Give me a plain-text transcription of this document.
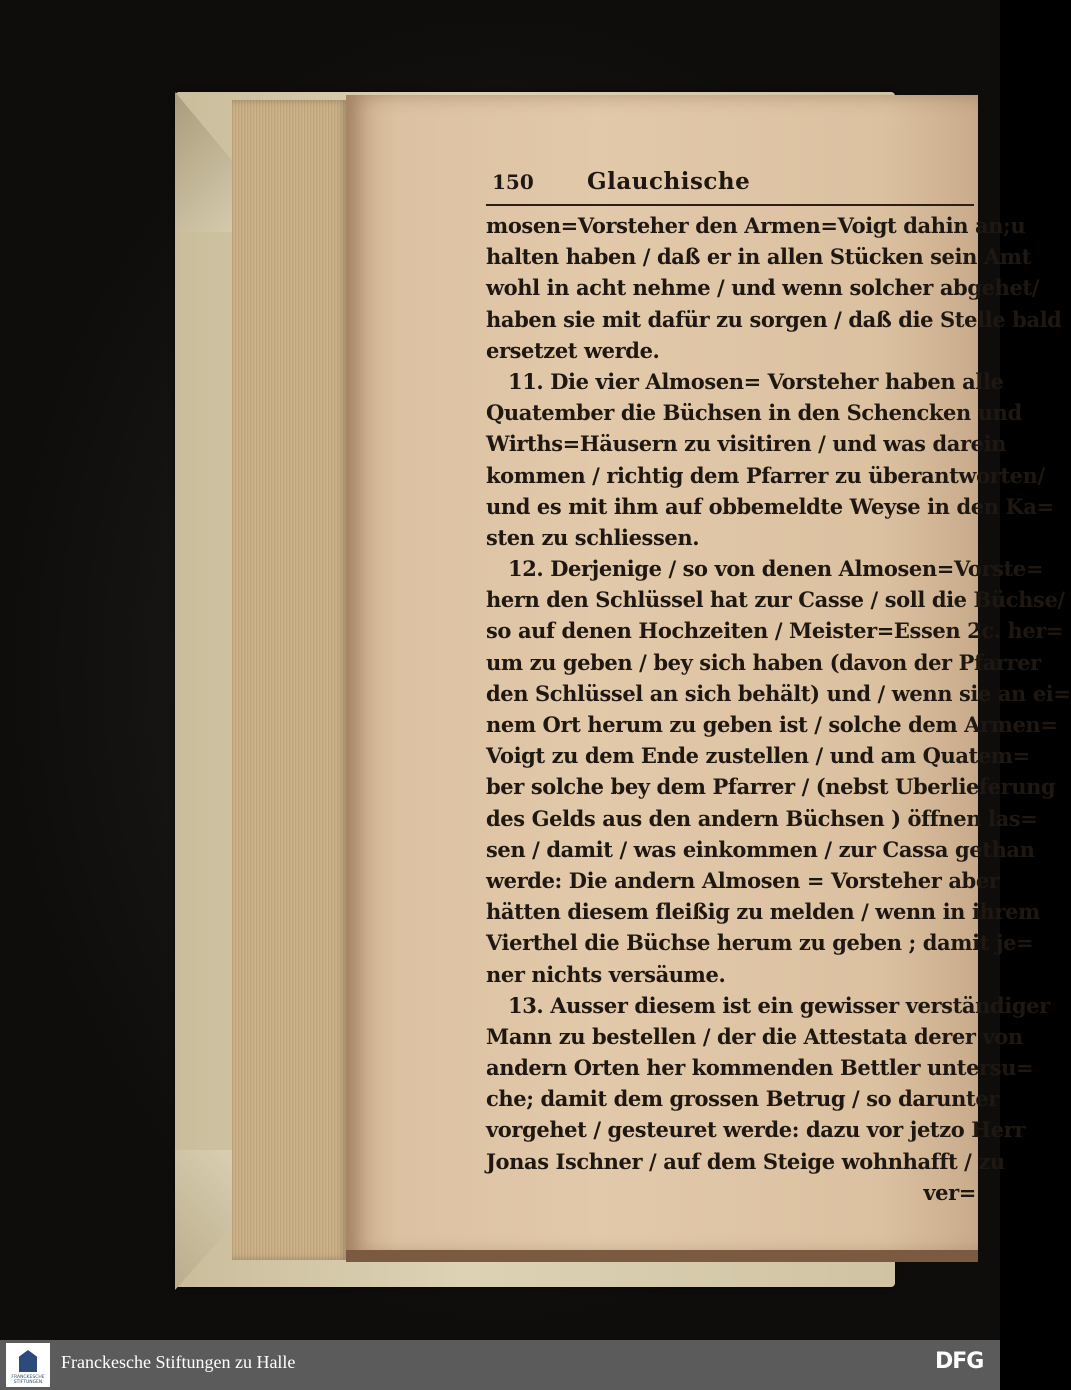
150	Glauchische
mosen=Vorsteher den Armen=Voigt dahin an;u
halten haben / daß er in allen Stücken sein Amt
wohl in acht nehme / und wenn solcher abgehet/
haben sie mit dafür zu sorgen / daß die Stelle bald
ersetzet werde.
11. Die vier Almosen= Vorsteher haben alle
Quatember die Büchsen in den Schencken und
Wirths=Häusern zu visitiren / und was darein
kommen / richtig dem Pfarrer zu überantworten/
und es mit ihm auf obbemeldte Weyse in den Ka=
sten zu schliessen.
12. Derjenige / so von denen Almosen=Vorste=
hern den Schlüssel hat zur Casse / soll die Büchse/
so auf denen Hochzeiten / Meister=Essen 2c. her=
um zu geben / bey sich haben (davon der Pfarrer
den Schlüssel an sich behält) und / wenn sie an ei=
nem Ort herum zu geben ist / solche dem Armen=
Voigt zu dem Ende zustellen / und am Quatem=
ber solche bey dem Pfarrer / (nebst Uberlieferung
des Gelds aus den andern Büchsen ) öffnen las=
sen / damit / was einkommen / zur Cassa gethan
werde: Die andern Almosen = Vorsteher aber
hätten diesem fleißig zu melden / wenn in ihrem
Vierthel die Büchse herum zu geben ; damit je=
ner nichts versäume.
13. Ausser diesem ist ein gewisser verständiger
Mann zu bestellen / der die Attestata derer von
andern Orten her kommenden Bettler untersu=
che; damit dem grossen Betrug / so darunter
vorgehet / gesteuret werde: dazu vor jetzo Herr
Jonas Ischner / auf dem Steige wohnhafft / zu
ver=
FRANCKESCHE STIFTUNGEN
Franckesche Stiftungen zu Halle	DFG
